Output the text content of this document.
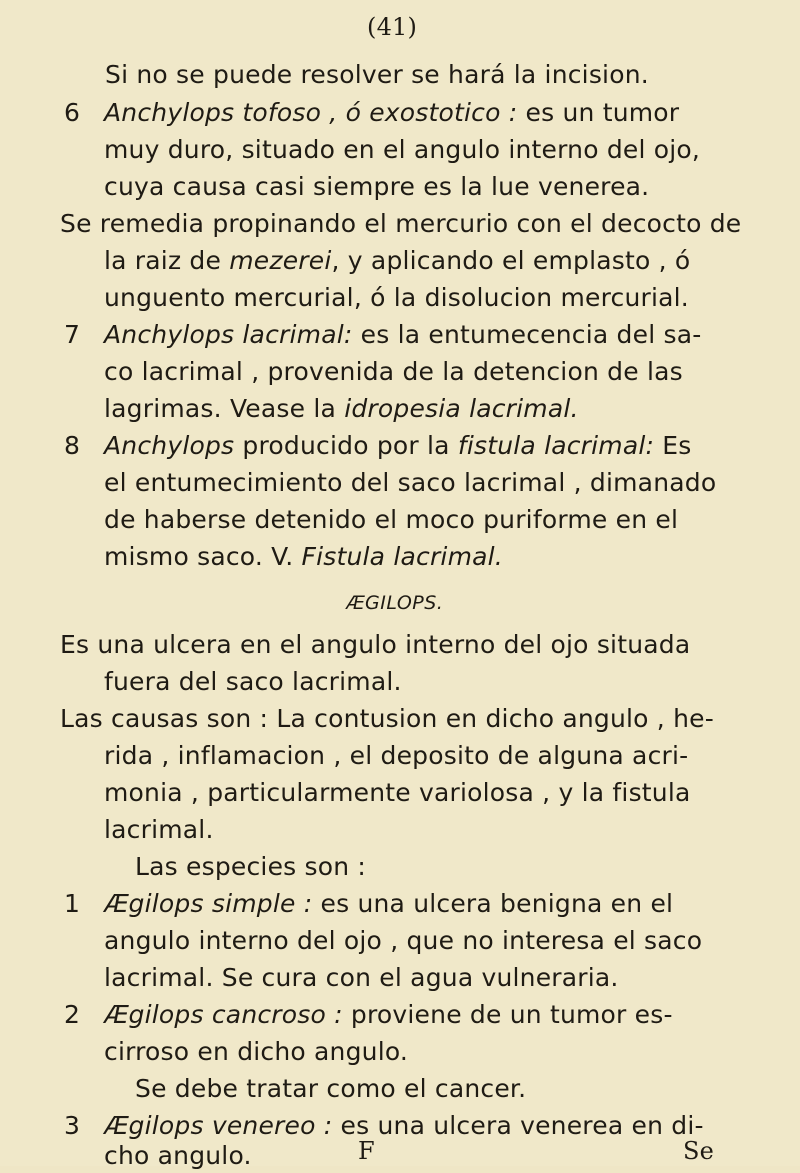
(41)
Si no se puede resolver se hará la incision.
6 Anchylops tofoso , ó exostotico : es un tumor
muy duro, situado en el angulo interno del ojo,
cuya causa casi siempre es la lue venerea.
Se remedia propinando el mercurio con el decocto de
la raiz de mezerei, y aplicando el emplasto , ó
unguento mercurial, ó la disolucion mercurial.
7 Anchylops lacrimal: es la entumecencia del sa-
co lacrimal , provenida de la detencion de las
lagrimas. Vease la idropesia lacrimal.
8 Anchylops producido por la fistula lacrimal: Es
el entumecimiento del saco lacrimal , dimanado
de haberse detenido el moco puriforme en el
mismo saco. V. Fistula lacrimal.
ÆGILOPS.
Es una ulcera en el angulo interno del ojo situada
fuera del saco lacrimal.
Las causas son : La contusion en dicho angulo , he-
rida , inflamacion , el deposito de alguna acri-
monia , particularmente variolosa , y la fistula
lacrimal.
Las especies son :
1 Ægilops simple : es una ulcera benigna en el
angulo interno del ojo , que no interesa el saco
lacrimal. Se cura con el agua vulneraria.
2 Ægilops cancroso : proviene de un tumor es-
cirroso en dicho angulo.
Se debe tratar como el cancer.
3 Ægilops venereo : es una ulcera venerea en di-
cho angulo.	F	Se
